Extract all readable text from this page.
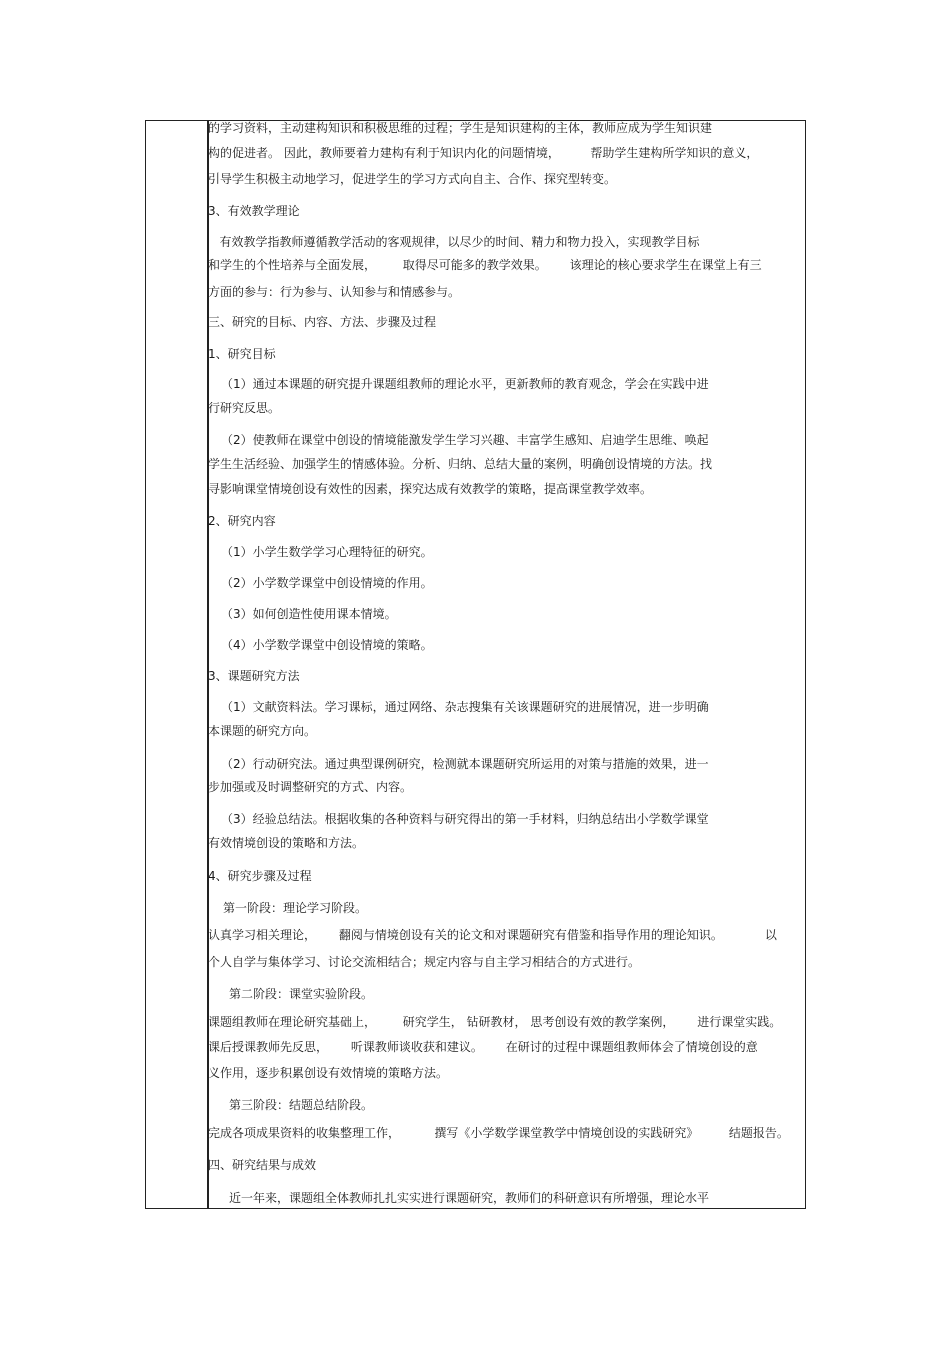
的学习资料，主动建构知识和积极思维的过程；学生是知识建构的主体，教师应成为学生知识建
构的促进者。 因此，教师要着力建构有利于知识内化的问题情境，        帮助学生建构所学知识的意义，
引导学生积极主动地学习，促进学生的学习方式向自主、合作、探究型转变。
3、有效教学理论
有效教学指教师遵循教学活动的客观规律，以尽少的时间、精力和物力投入，实现教学目标
和学生的个性培养与全面发展，       取得尽可能多的教学效果。      该理论的核心要求学生在课堂上有三
方面的参与：行为参与、认知参与和情感参与。
三、研究的目标、内容、方法、步骤及过程
1、研究目标
（1）通过本课题的研究提升课题组教师的理论水平，更新教师的教育观念，学会在实践中进
行研究反思。
（2）使教师在课堂中创设的情境能激发学生学习兴趣、丰富学生感知、启迪学生思维、唤起
学生生活经验、加强学生的情感体验。分析、归纳、总结大量的案例，明确创设情境的方法。找
寻影响课堂情境创设有效性的因素，探究达成有效教学的策略，提高课堂教学效率。
2、研究内容
（1）小学生数学学习心理特征的研究。
（2）小学数学课堂中创设情境的作用。
（3）如何创造性使用课本情境。
（4）小学数学课堂中创设情境的策略。
3、课题研究方法
（1）文献资料法。学习课标，通过网络、杂志搜集有关该课题研究的进展情况，进一步明确
本课题的研究方向。
（2）行动研究法。通过典型课例研究，检测就本课题研究所运用的对策与措施的效果，进一
步加强或及时调整研究的方式、内容。
（3）经验总结法。根据收集的各种资料与研究得出的第一手材料，归纳总结出小学数学课堂
有效情境创设的策略和方法。
4、研究步骤及过程
第一阶段：理论学习阶段。
认真学习相关理论，      翻阅与情境创设有关的论文和对课题研究有借鉴和指导作用的理论知识。           以
个人自学与集体学习、讨论交流相结合；规定内容与自主学习相结合的方式进行。
第二阶段：课堂实验阶段。
课题组教师在理论研究基础上，       研究学生， 钻研教材， 思考创设有效的教学案例，      进行课堂实践。
课后授课教师先反思，      听课教师谈收获和建议。      在研讨的过程中课题组教师体会了情境创设的意
义作用，逐步积累创设有效情境的策略方法。
第三阶段：结题总结阶段。
完成各项成果资料的收集整理工作，         撰写《小学数学课堂教学中情境创设的实践研究》        结题报告。
四、研究结果与成效
近一年来，课题组全体教师扎扎实实进行课题研究，教师们的科研意识有所增强，理论水平
